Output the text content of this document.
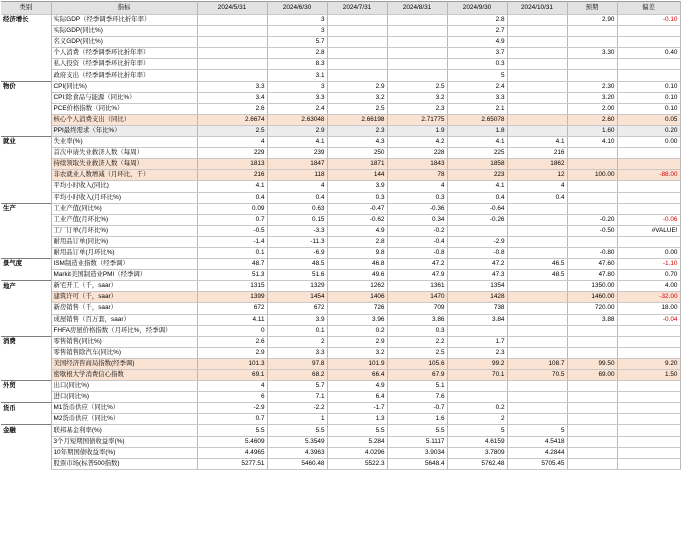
类别	指标	2024/5/31	2024/6/30	2024/7/31	2024/8/31	2024/9/30	2024/10/31	预期	偏差
经济增长	实际GDP（经季调季环比折年率）		3			2.8		2.90	-0.10
	实际GDP(同比%)		3			2.7			
	名义GDP(同比%)		5.7			4.9			
	个人消费（经季调季环比折年率）		2.8			3.7		3.30	0.40
	私人投资（经季调季环比折年率）		8.3			0.3			
	政府支出（经季调季环比折年率）		3.1			5			
物价	CPI(同比%)	3.3	3	2.9	2.5	2.4		2.30	0.10
	CPI:除食品与能源（同比%）	3.4	3.3	3.2	3.2	3.3		3.20	0.10
	PCE价格指数（同比%）	2.6	2.4	2.5	2.3	2.1		2.00	0.10
	核心个人消费支出（同比）	2.6674	2.63048	2.66198	2.71775	2.65078		2.60	0.05
	PPI最终需求（年比%）	2.5	2.9	2.3	1.9	1.8		1.60	0.20
就业	失业率(%)	4	4.1	4.3	4.2	4.1	4.1	4.10	0.00
	首次申请失业救济人数（每周）	229	239	250	228	225	216		
	持续领取失业救济人数（每周）	1813	1847	1871	1843	1858	1862		
	非农就业人数增减（月环比，千）	216	118	144	78	223	12	100.00	-88.00
	平均小时收入(同比)	4.1	4	3.9	4	4.1	4		
	平均小时收入(月环比%)	0.4	0.4	0.3	0.3	0.4	0.4		
生产	工业产值(同比%)	0.09	0.63	-0.47	-0.36	-0.64			
	工业产值(月环比%)	0.7	0.15	-0.62	0.34	-0.26		-0.20	-0.06
	工厂订单(月环比%)	-0.5	-3.3	4.9	-0.2			-0.50	#VALUE!
	耐用品订单(同比%)	-1.4	-11.3	2.8	-0.4	-2.9			
	耐用品订单(月环比%)	0.1	-6.9	9.8	-0.8	-0.8		-0.80	0.00
景气度	ISM制造业指数（经季调）	48.7	48.5	46.8	47.2	47.2	46.5	47.60	-1.10
	Markit美国制造业PMI（经季调）	51.3	51.6	49.6	47.9	47.3	48.5	47.80	0.70
地产	新宅开工（千，saar）	1315	1329	1262	1361	1354		1350.00	4.00
	建筑许可（千，saar）	1399	1454	1406	1470	1428		1460.00	-32.00
	新房销售（千，saar）	672	672	726	709	738		720.00	18.00
	成屋销售（百万套，saar）	4.11	3.9	3.96	3.86	3.84		3.88	-0.04
	FHFA房屋价格指数（月环比%，经季调）	0	0.1	0.2	0.3				
消费	零售销售(同比%)	2.6	2	2.9	2.2	1.7			
	零售销售除汽车(同比%)	2.9	3.3	3.2	2.5	2.3			
	美国经济咨商局指数(经季调)	101.3	97.8	101.9	105.6	99.2	108.7	99.50	9.20
	密歇根大学消费信心指数	69.1	68.2	66.4	67.9	70.1	70.5	69.00	1.50
外贸	出口(同比%)	4	5.7	4.9	5.1				
	进口(同比%)	6	7.1	6.4	7.6				
货币	M1货币供应（同比%）	-2.9	-2.2	-1.7	-0.7	0.2			
	M2货币供应（同比%）	0.7	1	1.3	1.6	2			
金融	联邦基金利率(%)	5.5	5.5	5.5	5.5	5	5		
	3个月短期国债收益率(%)	5.4609	5.3549	5.284	5.1117	4.6159	4.5418		
	10年期国债收益率(%)	4.4965	4.3963	4.0296	3.9034	3.7809	4.2844		
	股票市场(标普500指数)	5277.51	5460.48	5522.3	5648.4	5762.48	5705.45		
